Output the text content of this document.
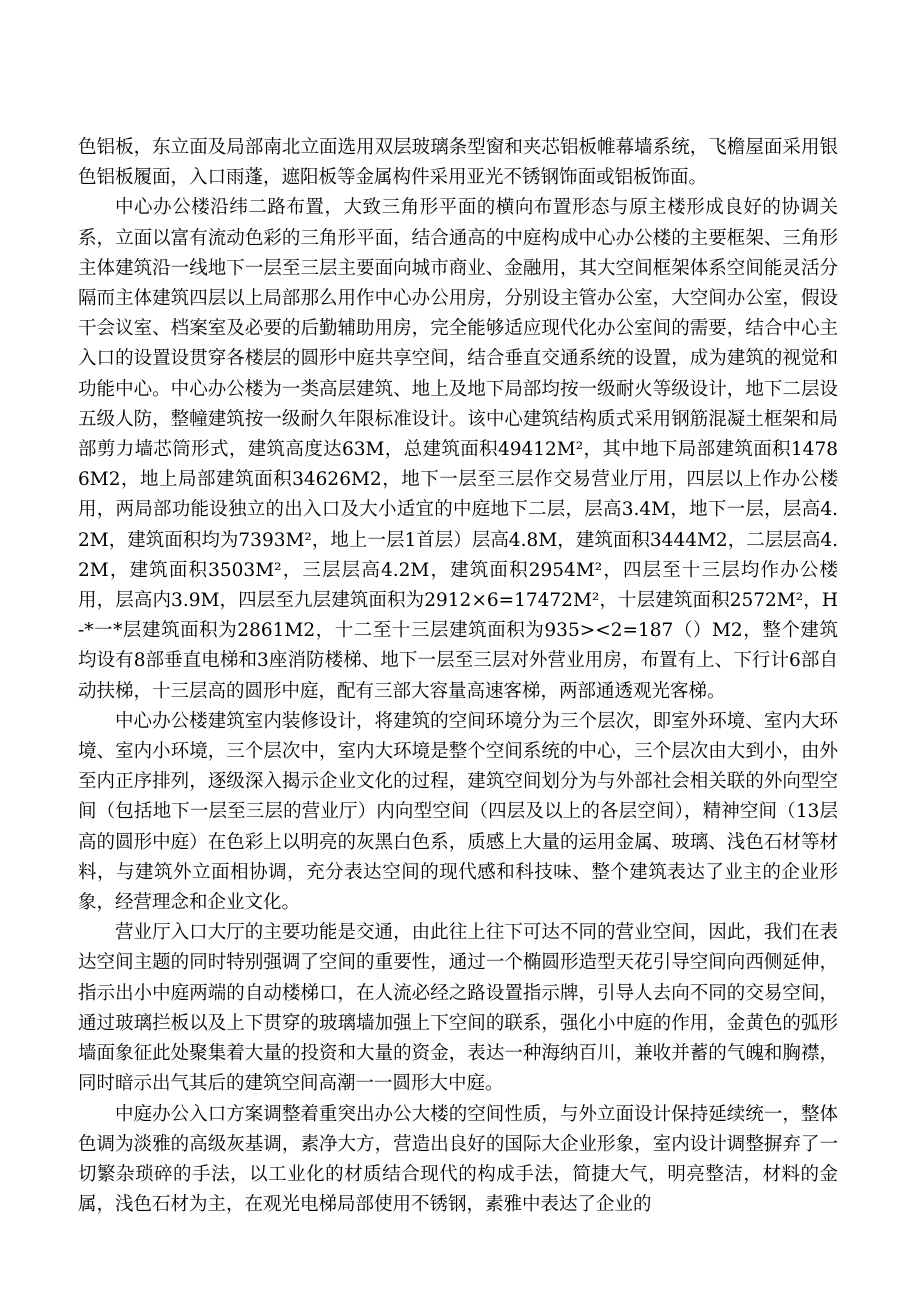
色铝板，东立面及局部南北立面选用双层玻璃条型窗和夹芯铝板帷幕墙系统，飞檐屋面采用银色铝板履面，入口雨蓬，遮阳板等金属构件采用亚光不锈钢饰面或铝板饰面。

中心办公楼沿纬二路布置，大致三角形平面的横向布置形态与原主楼形成良好的协调关系，立面以富有流动色彩的三角形平面，结合通高的中庭构成中心办公楼的主要框架、三角形主体建筑沿一线地下一层至三层主要面向城市商业、金融用，其大空间框架体系空间能灵活分隔而主体建筑四层以上局部那么用作中心办公用房，分别设主管办公室，大空间办公室，假设干会议室、档案室及必要的后勤辅助用房，完全能够适应现代化办公室间的需要，结合中心主入口的设置设贯穿各楼层的圆形中庭共享空间，结合垂直交通系统的设置，成为建筑的视觉和功能中心。中心办公楼为一类高层建筑、地上及地下局部均按一级耐火等级设计，地下二层设五级人防，整幢建筑按一级耐久年限标准设计。该中心建筑结构质式采用钢筋混凝土框架和局部剪力墙芯筒形式，建筑高度达63M，总建筑面积49412M²，其中地下局部建筑面积14786M2，地上局部建筑面积34626M2，地下一层至三层作交易营业厅用，四层以上作办公楼用，两局部功能设独立的出入口及大小适宜的中庭地下二层，层高3.4M，地下一层，层高4.2M，建筑面积均为7393M²，地上一层1首层）层高4.8M，建筑面积3444M2，二层层高4.2M，建筑面积3503M²，三层层高4.2M，建筑面积2954M²，四层至十三层均作办公楼用，层高内3.9M，四层至九层建筑面积为2912×6=17472M²，十层建筑面积2572M²，H-*一*层建筑面积为2861M2，十二至十三层建筑面积为935><2=187（）M2，整个建筑均设有8部垂直电梯和3座消防楼梯、地下一层至三层对外营业用房，布置有上、下行计6部自动扶梯，十三层高的圆形中庭，配有三部大容量高速客梯，两部通透观光客梯。

中心办公楼建筑室内装修设计，将建筑的空间环境分为三个层次，即室外环境、室内大环境、室内小环境，三个层次中，室内大环境是整个空间系统的中心，三个层次由大到小，由外至内正序排列，逐级深入揭示企业文化的过程，建筑空间划分为与外部社会相关联的外向型空间（包括地下一层至三层的营业厅）内向型空间（四层及以上的各层空间），精神空间（13层高的圆形中庭）在色彩上以明亮的灰黑白色系，质感上大量的运用金属、玻璃、浅色石材等材料，与建筑外立面相协调，充分表达空间的现代感和科技味、整个建筑表达了业主的企业形象，经营理念和企业文化。

营业厅入口大厅的主要功能是交通，由此往上往下可达不同的营业空间，因此，我们在表达空间主题的同时特别强调了空间的重要性，通过一个椭圆形造型天花引导空间向西侧延伸，指示出小中庭两端的自动楼梯口，在人流必经之路设置指示牌，引导人去向不同的交易空间，通过玻璃拦板以及上下贯穿的玻璃墙加强上下空间的联系，强化小中庭的作用，金黄色的弧形墙面象征此处聚集着大量的投资和大量的资金，表达一种海纳百川，兼收并蓄的气魄和胸襟，同时暗示出气其后的建筑空间高潮一一圆形大中庭。

中庭办公入口方案调整着重突出办公大楼的空间性质，与外立面设计保持延续统一，整体色调为淡雅的高级灰基调，素净大方，营造出良好的国际大企业形象，室内设计调整摒弃了一切繁杂琐碎的手法，以工业化的材质结合现代的构成手法，简捷大气，明亮整洁，材料的金属，浅色石材为主，在观光电梯局部使用不锈钢，素雅中表达了企业的
